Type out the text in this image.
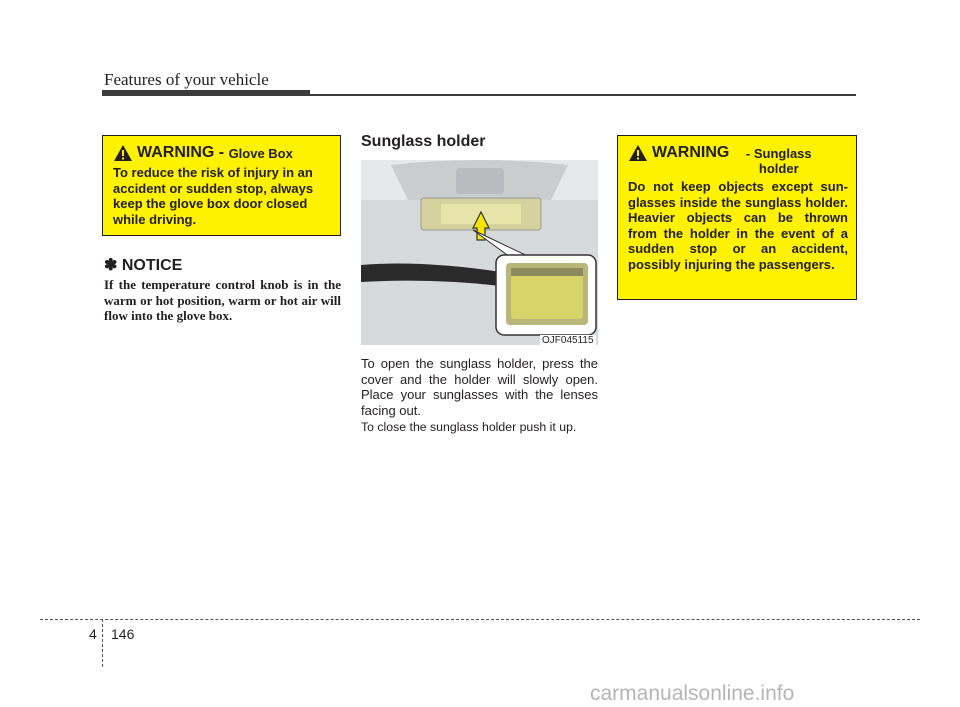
Features of your vehicle
WARNING -
Glove Box
To reduce the risk of injury in an accident or sudden stop, always keep the glove box door closed while driving.
✽ NOTICE
If the temperature control knob is in the warm or hot position, warm or hot air will flow into the glove box.
Sunglass holder
OJF045115
To open the sunglass holder, press the cover and the holder will slowly open. Place your sunglasses with the lenses facing out.
To close the sunglass holder push it up.
WARNING
	- Sunglass holder
Do not keep objects except sun- glasses inside the sunglass holder. Heavier objects can be thrown from the holder in the event of a sudden stop or an accident, possibly injuring the passengers.
4 146
carmanualsonline.info
